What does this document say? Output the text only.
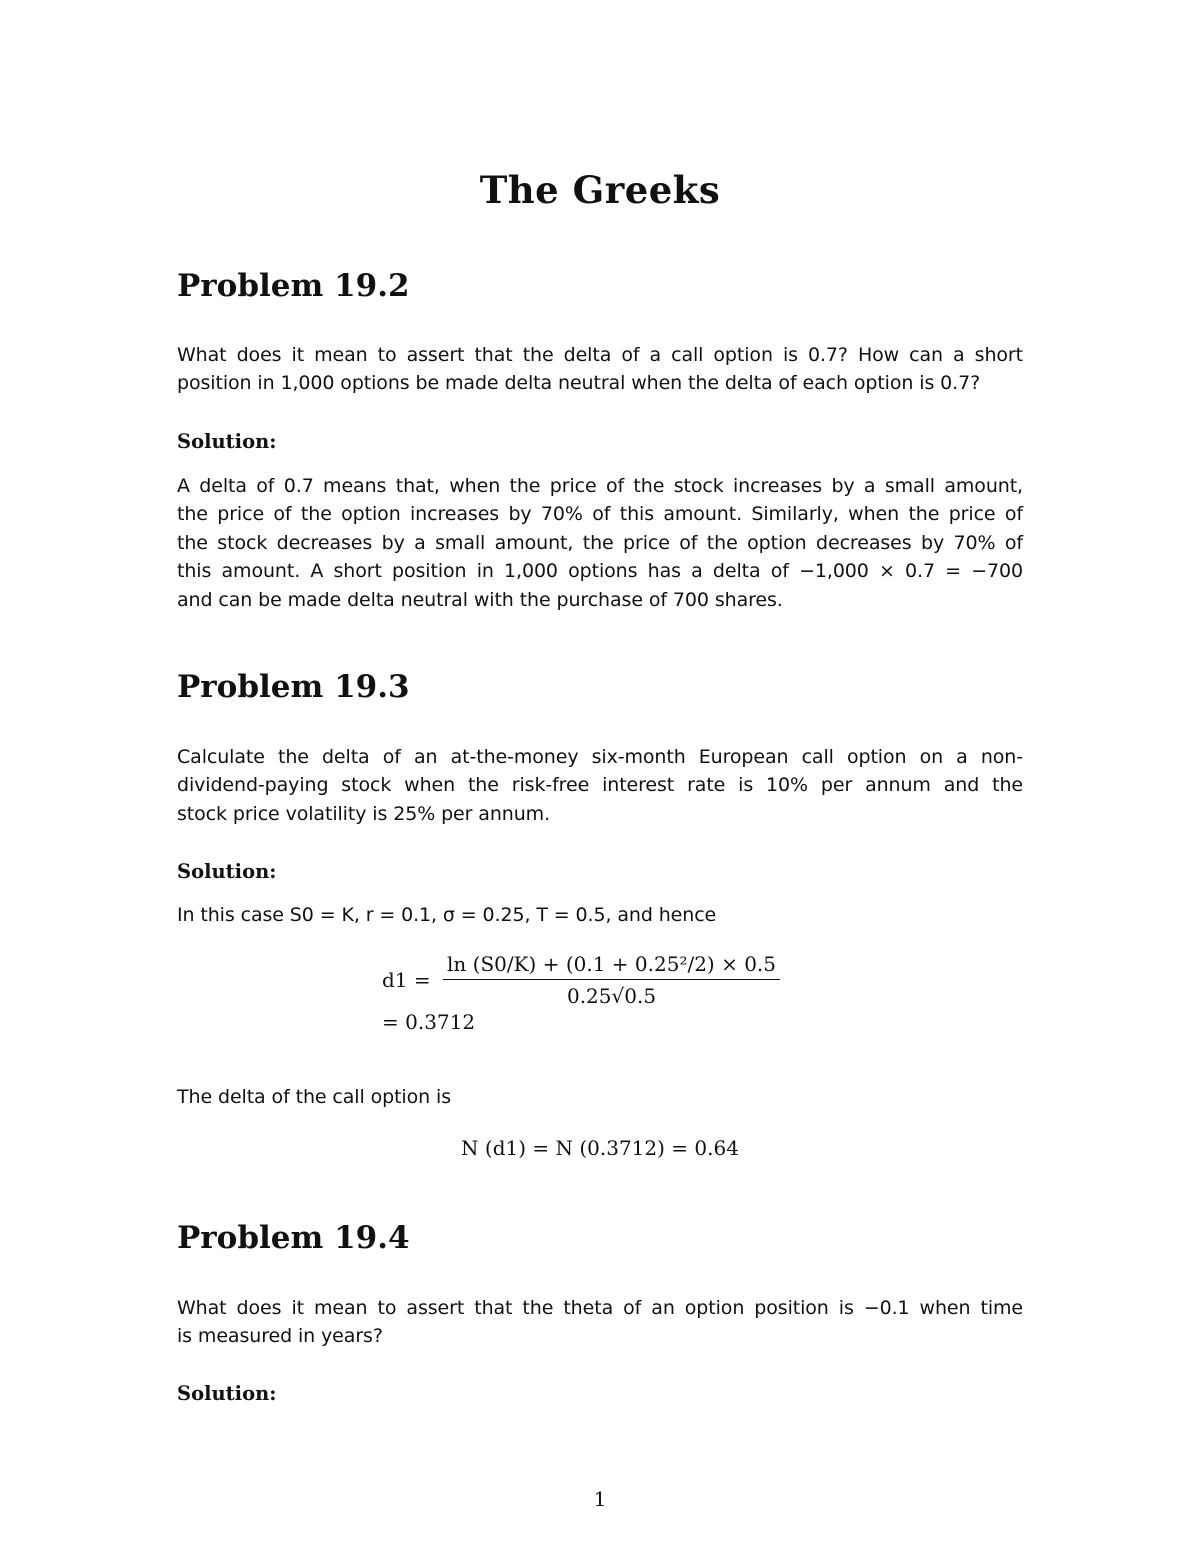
The Greeks
Problem 19.2
What does it mean to assert that the delta of a call option is 0.7? How can a short
position in 1,000 options be made delta neutral when the delta of each option is 0.7?
Solution:
A delta of 0.7 means that, when the price of the stock increases by a small amount,
the price of the option increases by 70% of this amount. Similarly, when the price of
the stock decreases by a small amount, the price of the option decreases by 70% of
this amount. A short position in 1,000 options has a delta of −1,000 × 0.7 = −700
and can be made delta neutral with the purchase of 700 shares.
Problem 19.3
Calculate the delta of an at-the-money six-month European call option on a non-
dividend-paying stock when the risk-free interest rate is 10% per annum and the
stock price volatility is 25% per annum.
Solution:
In this case S0 = K, r = 0.1, σ = 0.25, T = 0.5, and hence
$d1 = \frac{\text{ln (S0/K) + (0.1 + 0.25²/2) × 0.5}}{0.25√0.5}$
= 0.3712
The delta of the call option is
N (d1) = N (0.3712) = 0.64
Problem 19.4
What does it mean to assert that the theta of an option position is −0.1 when time
is measured in years?
Solution:
1
